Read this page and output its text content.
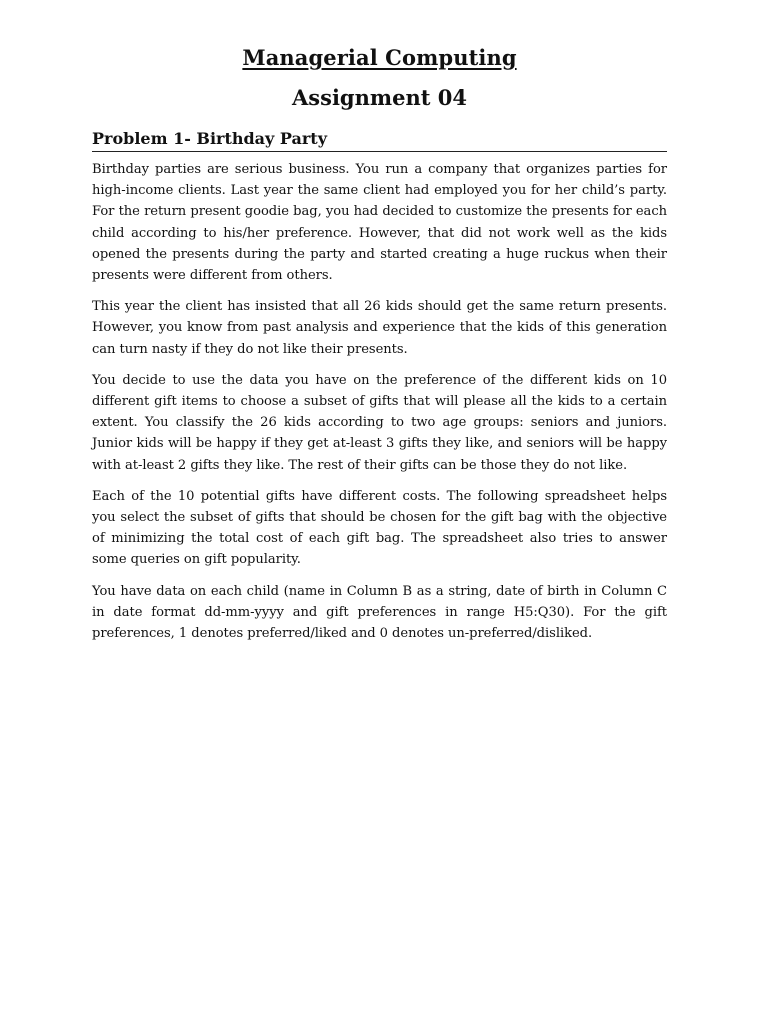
Managerial Computing
Assignment 04
Problem 1- Birthday Party

Birthday parties are serious business. You run a company that organizes parties for high-income clients. Last year the same client had employed you for her child’s party. For the return present goodie bag, you had decided to customize the presents for each child according to his/her preference. However, that did not work well as the kids opened the presents during the party and started creating a huge ruckus when their presents were different from others.

This year the client has insisted that all 26 kids should get the same return presents. However, you know from past analysis and experience that the kids of this generation can turn nasty if they do not like their presents.

You decide to use the data you have on the preference of the different kids on 10 different gift items to choose a subset of gifts that will please all the kids to a certain extent. You classify the 26 kids according to two age groups: seniors and juniors. Junior kids will be happy if they get at-least 3 gifts they like, and seniors will be happy with at-least 2 gifts they like. The rest of their gifts can be those they do not like.

Each of the 10 potential gifts have different costs. The following spreadsheet helps you select the subset of gifts that should be chosen for the gift bag with the objective of minimizing the total cost of each gift bag. The spreadsheet also tries to answer some queries on gift popularity.

You have data on each child (name in Column B as a string, date of birth in Column C in date format dd-mm-yyyy and gift preferences in range H5:Q30). For the gift preferences, 1 denotes preferred/liked and 0 denotes un-preferred/disliked.
